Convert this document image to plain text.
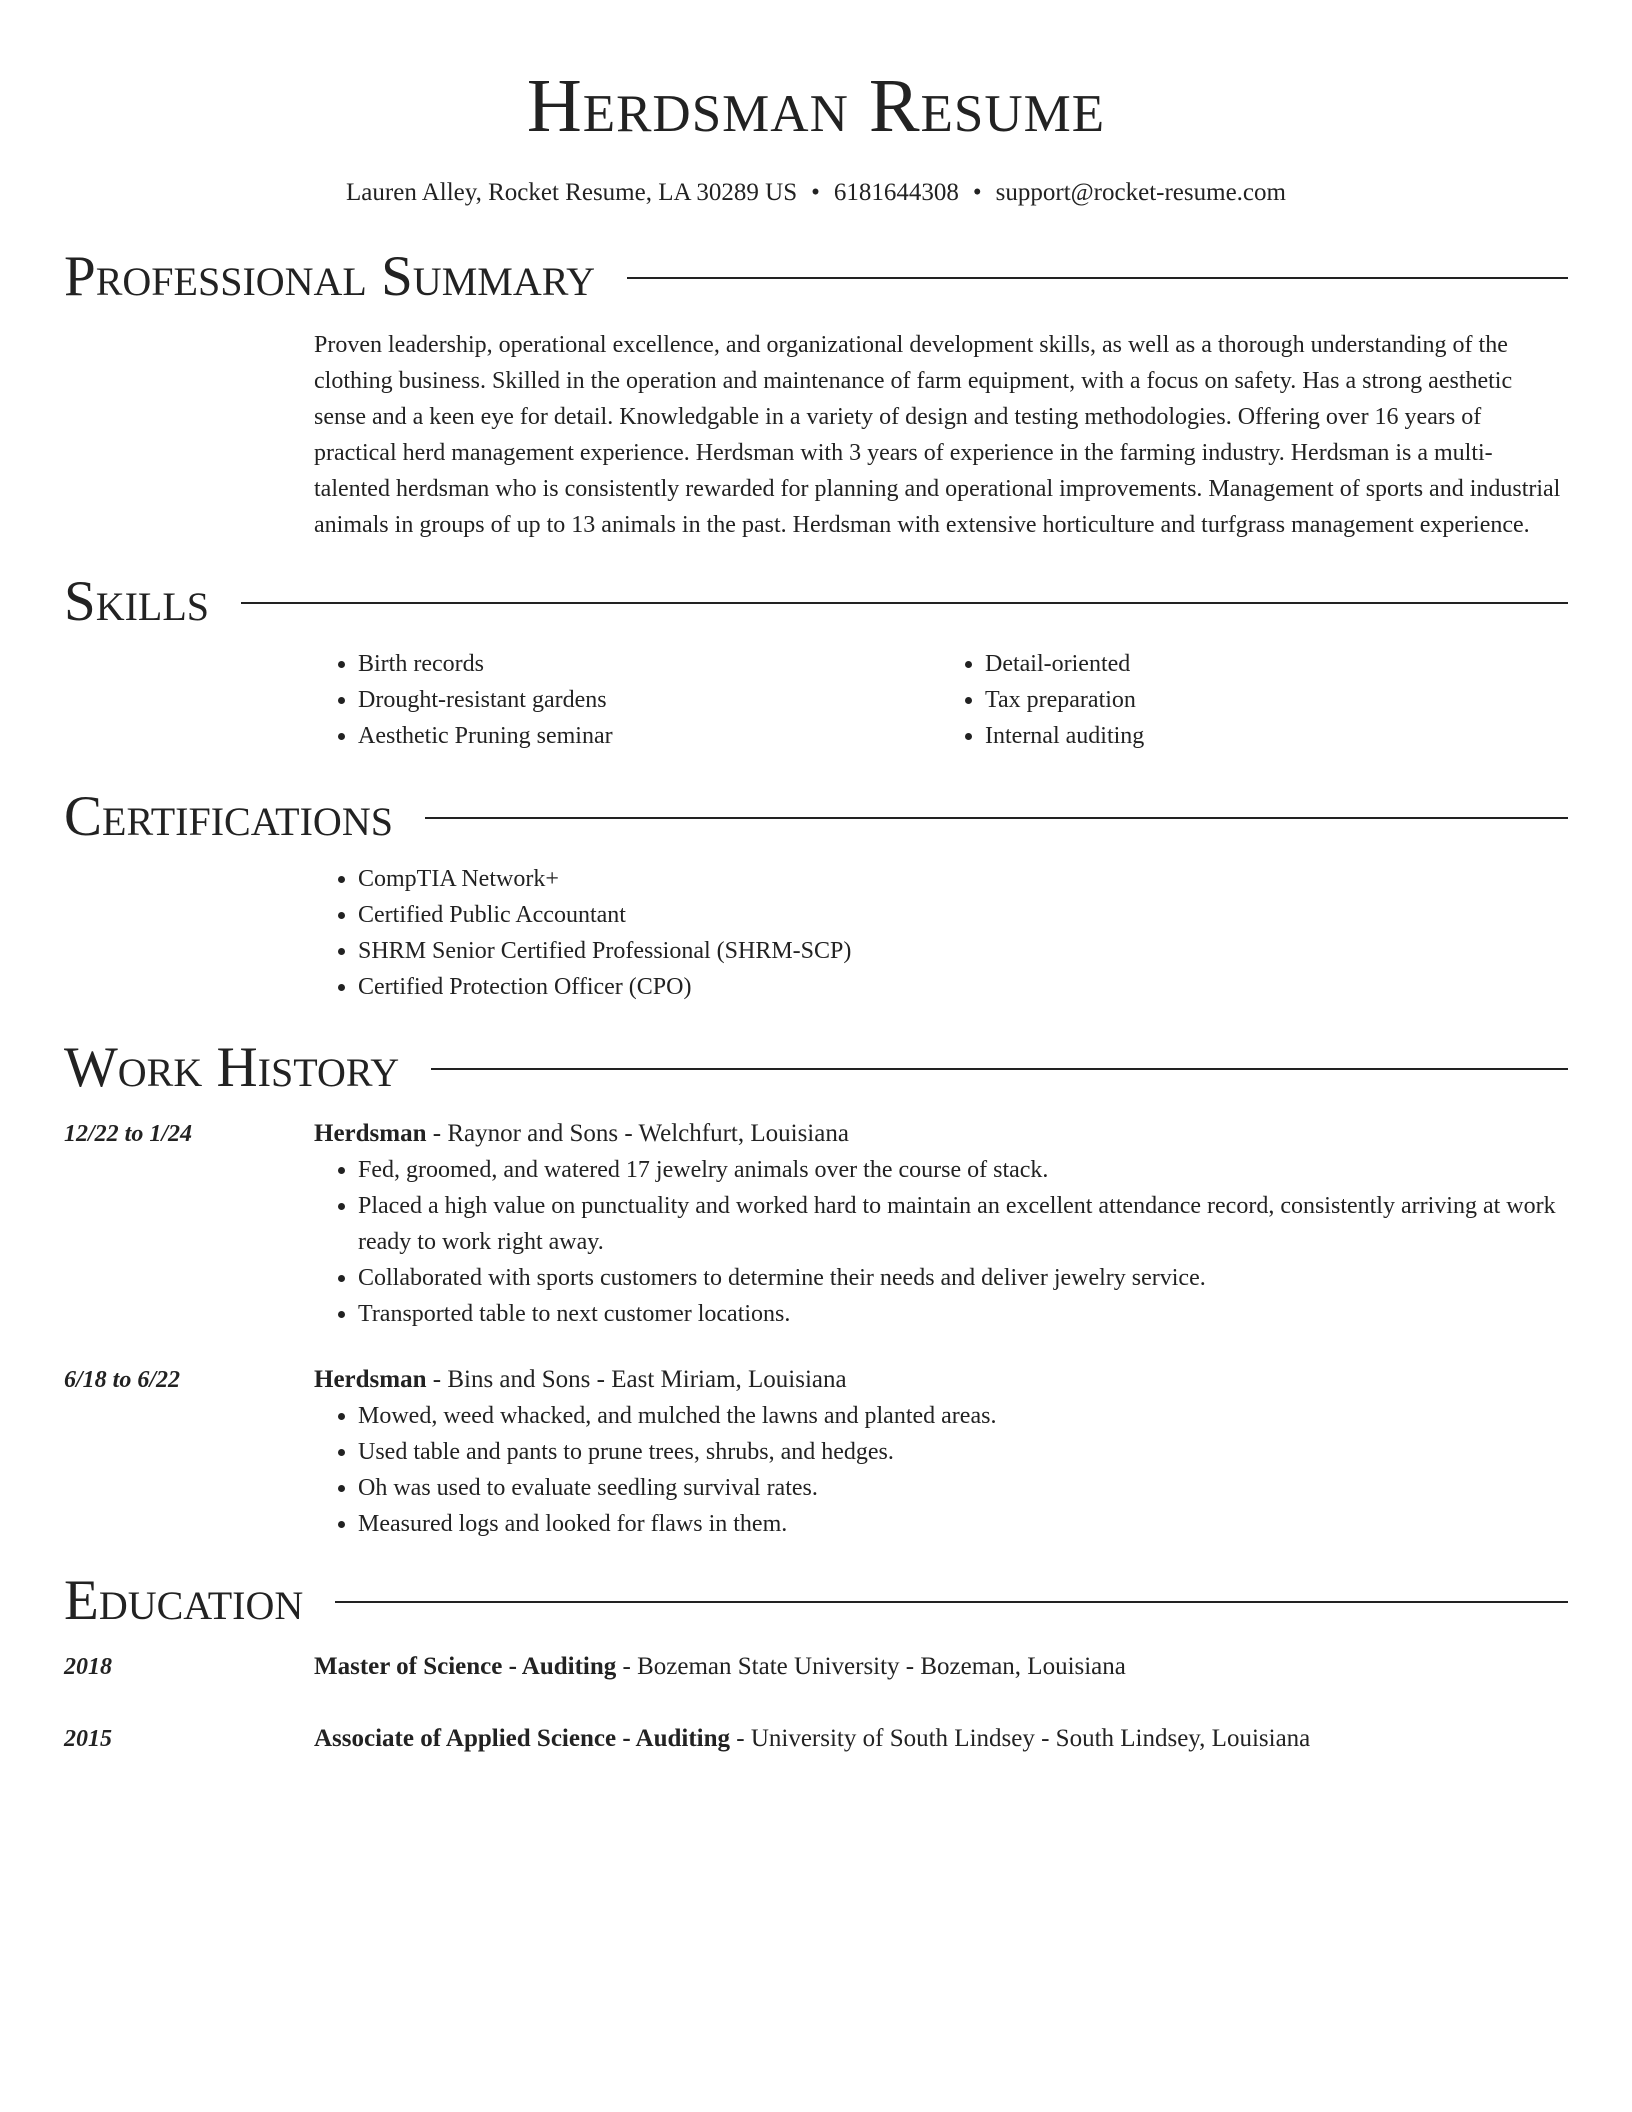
Herdsman Resume
Lauren Alley, Rocket Resume, LA 30289 US • 6181644308 • support@rocket-resume.com
Professional Summary
Proven leadership, operational excellence, and organizational development skills, as well as a thorough understanding of the clothing business. Skilled in the operation and maintenance of farm equipment, with a focus on safety. Has a strong aesthetic sense and a keen eye for detail. Knowledgable in a variety of design and testing methodologies. Offering over 16 years of practical herd management experience. Herdsman with 3 years of experience in the farming industry. Herdsman is a multi-talented herdsman who is consistently rewarded for planning and operational improvements. Management of sports and industrial animals in groups of up to 13 animals in the past. Herdsman with extensive horticulture and turfgrass management experience.
Skills
• Birth records
• Drought-resistant gardens
• Aesthetic Pruning seminar
• Detail-oriented
• Tax preparation
• Internal auditing
Certifications
• CompTIA Network+
• Certified Public Accountant
• SHRM Senior Certified Professional (SHRM-SCP)
• Certified Protection Officer (CPO)
Work History
12/22 to 1/24	Herdsman - Raynor and Sons - Welchfurt, Louisiana
• Fed, groomed, and watered 17 jewelry animals over the course of stack.
• Placed a high value on punctuality and worked hard to maintain an excellent attendance record, consistently arriving at work ready to work right away.
• Collaborated with sports customers to determine their needs and deliver jewelry service.
• Transported table to next customer locations.
6/18 to 6/22	Herdsman - Bins and Sons - East Miriam, Louisiana
• Mowed, weed whacked, and mulched the lawns and planted areas.
• Used table and pants to prune trees, shrubs, and hedges.
• Oh was used to evaluate seedling survival rates.
• Measured logs and looked for flaws in them.
Education
2018	Master of Science - Auditing - Bozeman State University - Bozeman, Louisiana
2015	Associate of Applied Science - Auditing - University of South Lindsey - South Lindsey, Louisiana
